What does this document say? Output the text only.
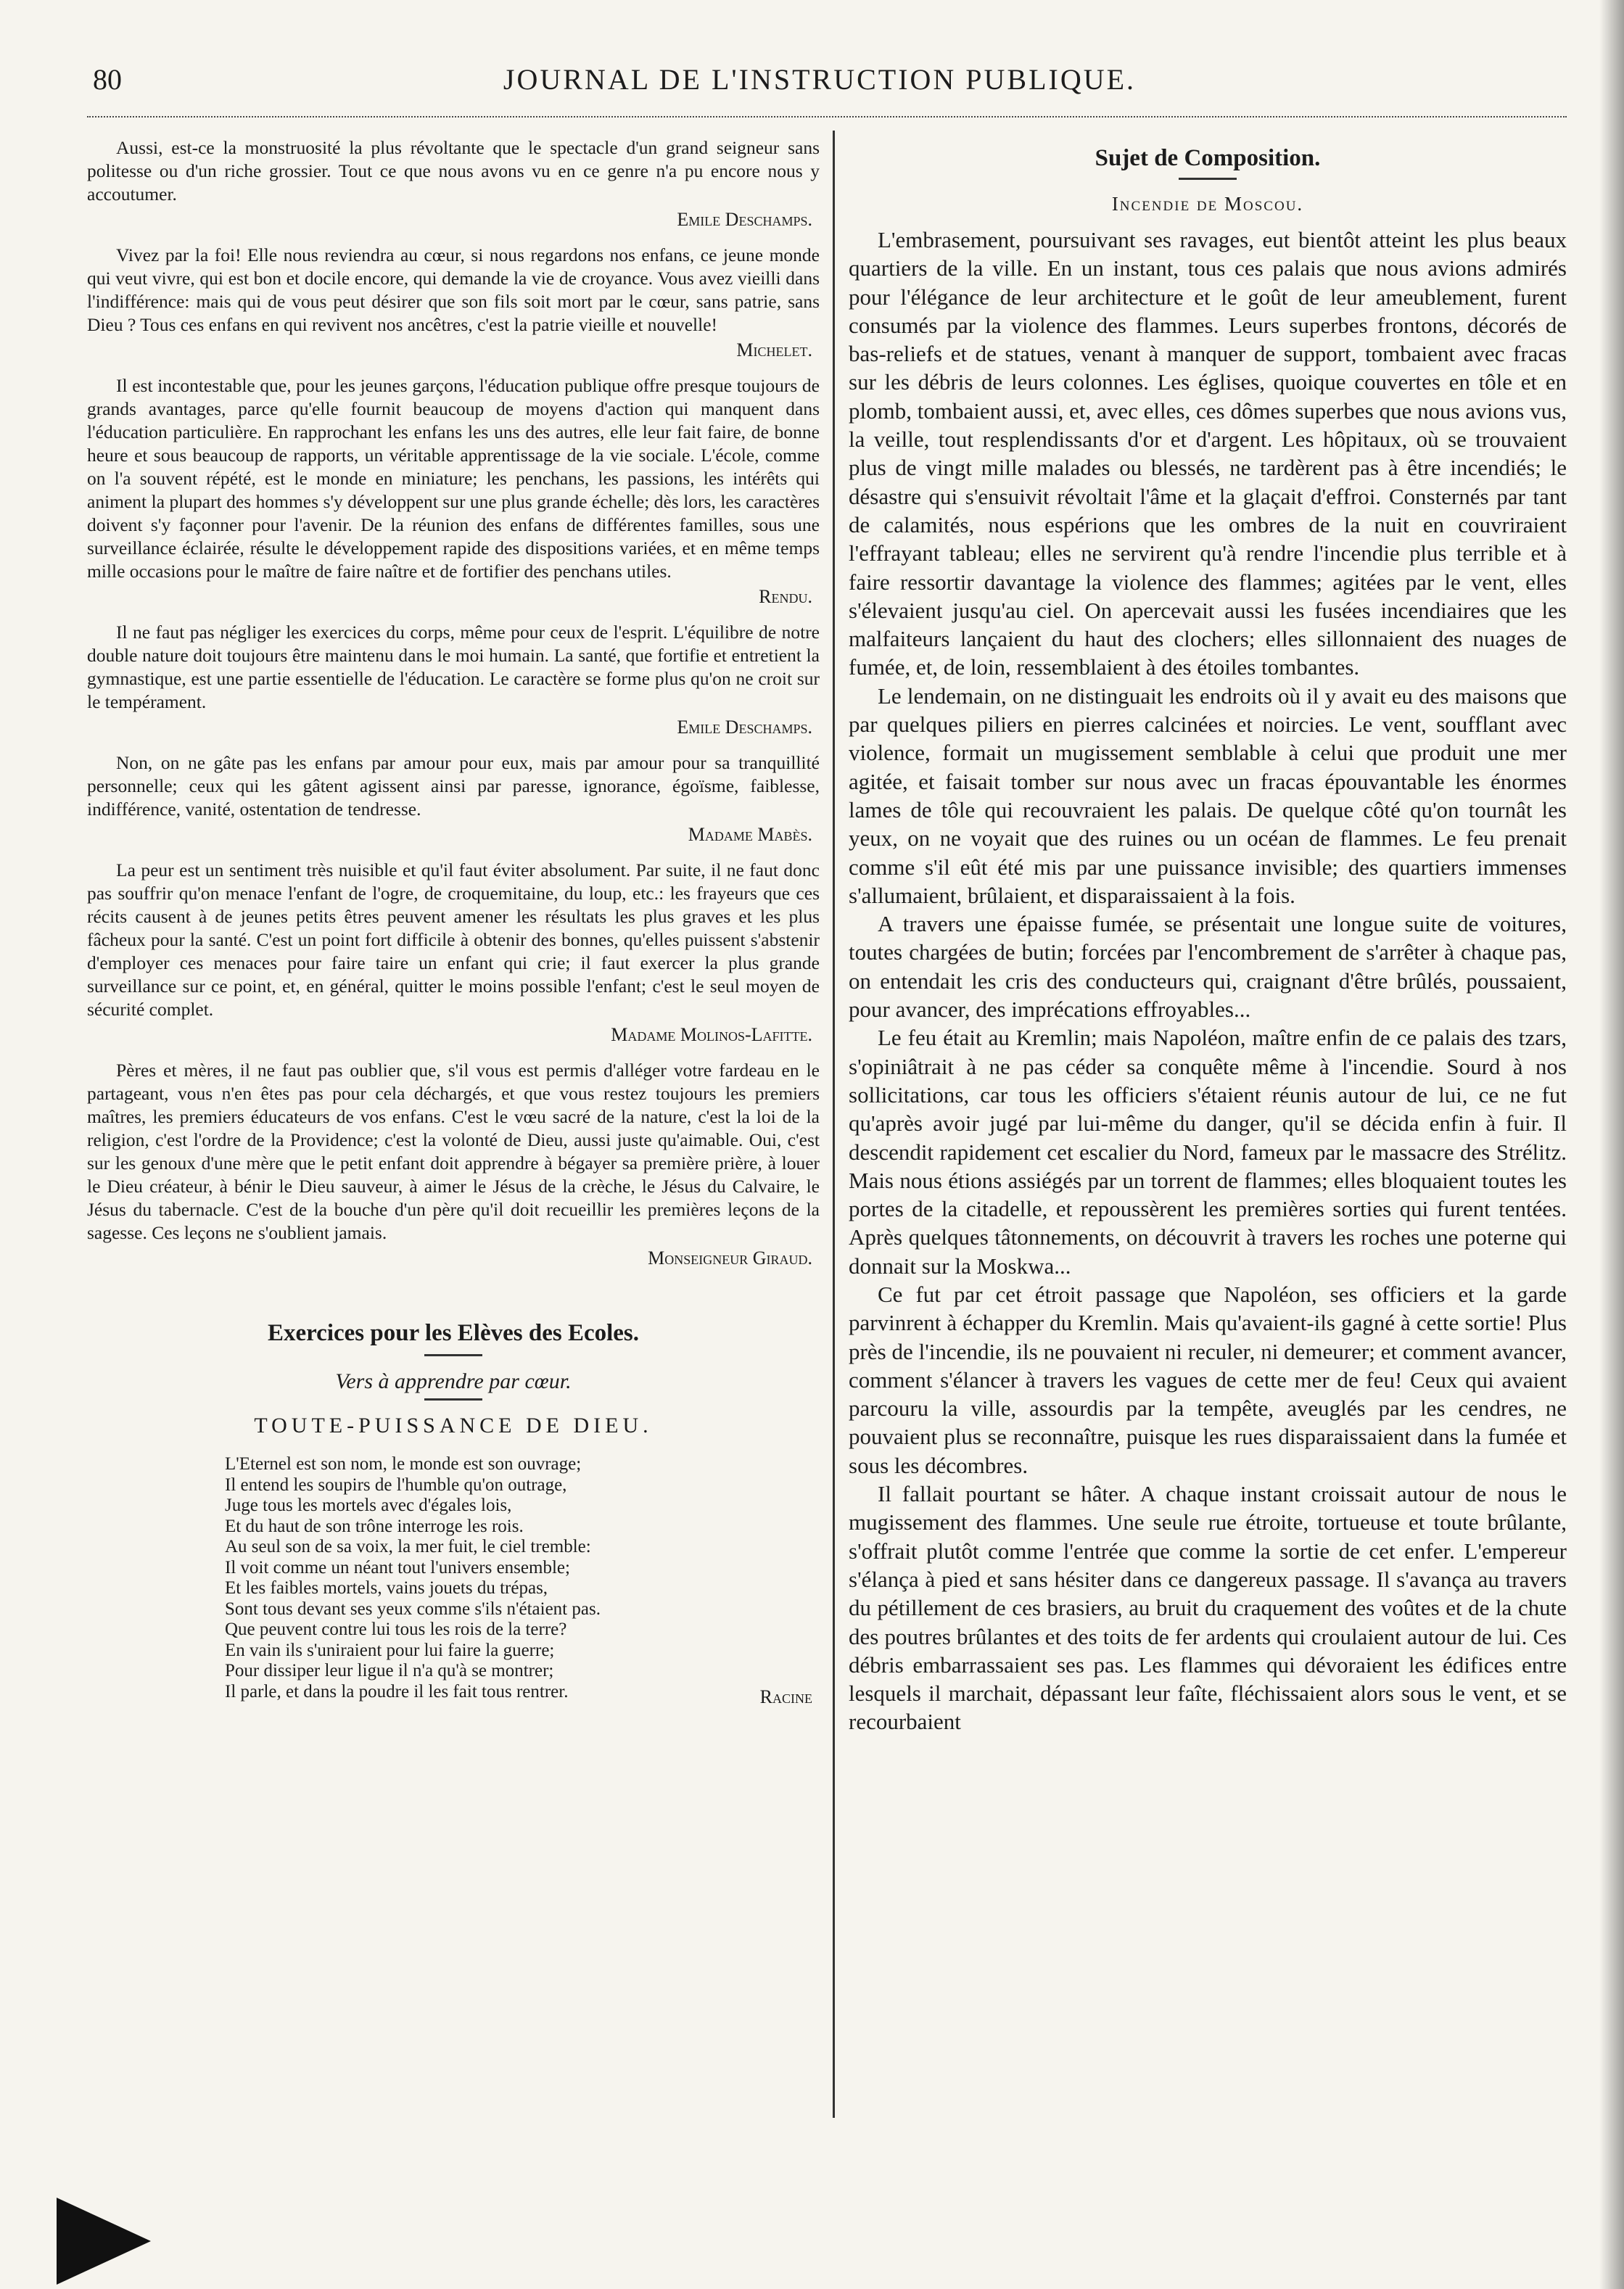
80	JOURNAL DE L'INSTRUCTION PUBLIQUE.

Aussi, est-ce la monstruosité la plus révoltante que le spectacle d'un grand seigneur sans politesse ou d'un riche grossier. Tout ce que nous avons vu en ce genre n'a pu encore nous y accoutumer.

Emile Deschamps.

Vivez par la foi! Elle nous reviendra au cœur, si nous regardons nos enfans, ce jeune monde qui veut vivre, qui est bon et docile encore, qui demande la vie de croyance. Vous avez vieilli dans l'indifférence: mais qui de vous peut désirer que son fils soit mort par le cœur, sans patrie, sans Dieu ? Tous ces enfans en qui revivent nos ancêtres, c'est la patrie vieille et nouvelle!

Michelet.

Il est incontestable que, pour les jeunes garçons, l'éducation publique offre presque toujours de grands avantages, parce qu'elle fournit beaucoup de moyens d'action qui manquent dans l'éducation particulière. En rapprochant les enfans les uns des autres, elle leur fait faire, de bonne heure et sous beaucoup de rapports, un véritable apprentissage de la vie sociale. L'école, comme on l'a souvent répété, est le monde en miniature; les penchans, les passions, les intérêts qui animent la plupart des hommes s'y développent sur une plus grande échelle; dès lors, les caractères doivent s'y façonner pour l'avenir. De la réunion des enfans de différentes familles, sous une surveillance éclairée, résulte le développement rapide des dispositions variées, et en même temps mille occasions pour le maître de faire naître et de fortifier des penchans utiles.

Rendu.

Il ne faut pas négliger les exercices du corps, même pour ceux de l'esprit. L'équilibre de notre double nature doit toujours être maintenu dans le moi humain. La santé, que fortifie et entretient la gymnastique, est une partie essentielle de l'éducation. Le caractère se forme plus qu'on ne croit sur le tempérament.

Emile Deschamps.

Non, on ne gâte pas les enfans par amour pour eux, mais par amour pour sa tranquillité personnelle; ceux qui les gâtent agissent ainsi par paresse, ignorance, égoïsme, faiblesse, indifférence, vanité, ostentation de tendresse.

Madame Mabès.

La peur est un sentiment très nuisible et qu'il faut éviter absolument. Par suite, il ne faut donc pas souffrir qu'on menace l'enfant de l'ogre, de croquemitaine, du loup, etc.: les frayeurs que ces récits causent à de jeunes petits êtres peuvent amener les résultats les plus graves et les plus fâcheux pour la santé. C'est un point fort difficile à obtenir des bonnes, qu'elles puissent s'abstenir d'employer ces menaces pour faire taire un enfant qui crie; il faut exercer la plus grande surveillance sur ce point, et, en général, quitter le moins possible l'enfant; c'est le seul moyen de sécurité complet.

Madame Molinos-Lafitte.

Pères et mères, il ne faut pas oublier que, s'il vous est permis d'alléger votre fardeau en le partageant, vous n'en êtes pas pour cela déchargés, et que vous restez toujours les premiers maîtres, les premiers éducateurs de vos enfans. C'est le vœu sacré de la nature, c'est la loi de la religion, c'est l'ordre de la Providence; c'est la volonté de Dieu, aussi juste qu'aimable. Oui, c'est sur les genoux d'une mère que le petit enfant doit apprendre à bégayer sa première prière, à louer le Dieu créateur, à bénir le Dieu sauveur, à aimer le Jésus de la crèche, le Jésus du Calvaire, le Jésus du tabernacle. C'est de la bouche d'un père qu'il doit recueillir les premières leçons de la sagesse. Ces leçons ne s'oublient jamais.

Monseigneur Giraud.
Exercices pour les Elèves des Ecoles.

Vers à apprendre par cœur.

TOUTE-PUISSANCE DE DIEU.

L'Eternel est son nom, le monde est son ouvrage;

Il entend les soupirs de l'humble qu'on outrage,

Juge tous les mortels avec d'égales lois,

Et du haut de son trône interroge les rois.

Au seul son de sa voix, la mer fuit, le ciel tremble:

Il voit comme un néant tout l'univers ensemble;

Et les faibles mortels, vains jouets du trépas,

Sont tous devant ses yeux comme s'ils n'étaient pas.

Que peuvent contre lui tous les rois de la terre?

En vain ils s'uniraient pour lui faire la guerre;

Pour dissiper leur ligue il n'a qu'à se montrer;

Il parle, et dans la poudre il les fait tous rentrer.	Racine
Sujet de Composition.
Incendie de Moscou.

L'embrasement, poursuivant ses ravages, eut bientôt atteint les plus beaux quartiers de la ville. En un instant, tous ces palais que nous avions admirés pour l'élégance de leur architecture et le goût de leur ameublement, furent consumés par la violence des flammes. Leurs superbes frontons, décorés de bas-reliefs et de statues, venant à manquer de support, tombaient avec fracas sur les débris de leurs colonnes. Les églises, quoique couvertes en tôle et en plomb, tombaient aussi, et, avec elles, ces dômes superbes que nous avions vus, la veille, tout resplendissants d'or et d'argent. Les hôpitaux, où se trouvaient plus de vingt mille malades ou blessés, ne tardèrent pas à être incendiés; le désastre qui s'ensuivit révoltait l'âme et la glaçait d'effroi. Consternés par tant de calamités, nous espérions que les ombres de la nuit en couvriraient l'effrayant tableau; elles ne servirent qu'à rendre l'incendie plus terrible et à faire ressortir davantage la violence des flammes; agitées par le vent, elles s'élevaient jusqu'au ciel. On apercevait aussi les fusées incendiaires que les malfaiteurs lançaient du haut des clochers; elles sillonnaient des nuages de fumée, et, de loin, ressemblaient à des étoiles tombantes.

Le lendemain, on ne distinguait les endroits où il y avait eu des maisons que par quelques piliers en pierres calcinées et noircies. Le vent, soufflant avec violence, formait un mugissement semblable à celui que produit une mer agitée, et faisait tomber sur nous avec un fracas épouvantable les énormes lames de tôle qui recouvraient les palais. De quelque côté qu'on tournât les yeux, on ne voyait que des ruines ou un océan de flammes. Le feu prenait comme s'il eût été mis par une puissance invisible; des quartiers immenses s'allumaient, brûlaient, et disparaissaient à la fois.

A travers une épaisse fumée, se présentait une longue suite de voitures, toutes chargées de butin; forcées par l'encombrement de s'arrêter à chaque pas, on entendait les cris des conducteurs qui, craignant d'être brûlés, poussaient, pour avancer, des imprécations effroyables...

Le feu était au Kremlin; mais Napoléon, maître enfin de ce palais des tzars, s'opiniâtrait à ne pas céder sa conquête même à l'incendie. Sourd à nos sollicitations, car tous les officiers s'étaient réunis autour de lui, ce ne fut qu'après avoir jugé par lui-même du danger, qu'il se décida enfin à fuir. Il descendit rapidement cet escalier du Nord, fameux par le massacre des Strélitz. Mais nous étions assiégés par un torrent de flammes; elles bloquaient toutes les portes de la citadelle, et repoussèrent les premières sorties qui furent tentées. Après quelques tâtonnements, on découvrit à travers les roches une poterne qui donnait sur la Moskwa...

Ce fut par cet étroit passage que Napoléon, ses officiers et la garde parvinrent à échapper du Kremlin. Mais qu'avaient-ils gagné à cette sortie! Plus près de l'incendie, ils ne pouvaient ni reculer, ni demeurer; et comment avancer, comment s'élancer à travers les vagues de cette mer de feu! Ceux qui avaient parcouru la ville, assourdis par la tempête, aveuglés par les cendres, ne pouvaient plus se reconnaître, puisque les rues disparaissaient dans la fumée et sous les décombres.

Il fallait pourtant se hâter. A chaque instant croissait autour de nous le mugissement des flammes. Une seule rue étroite, tortueuse et toute brûlante, s'offrait plutôt comme l'entrée que comme la sortie de cet enfer. L'empereur s'élança à pied et sans hésiter dans ce dangereux passage. Il s'avança au travers du pétillement de ces brasiers, au bruit du craquement des voûtes et de la chute des poutres brûlantes et des toits de fer ardents qui croulaient autour de lui. Ces débris embarrassaient ses pas. Les flammes qui dévoraient les édifices entre lesquels il marchait, dépassant leur faîte, fléchissaient alors sous le vent, et se recourbaient
